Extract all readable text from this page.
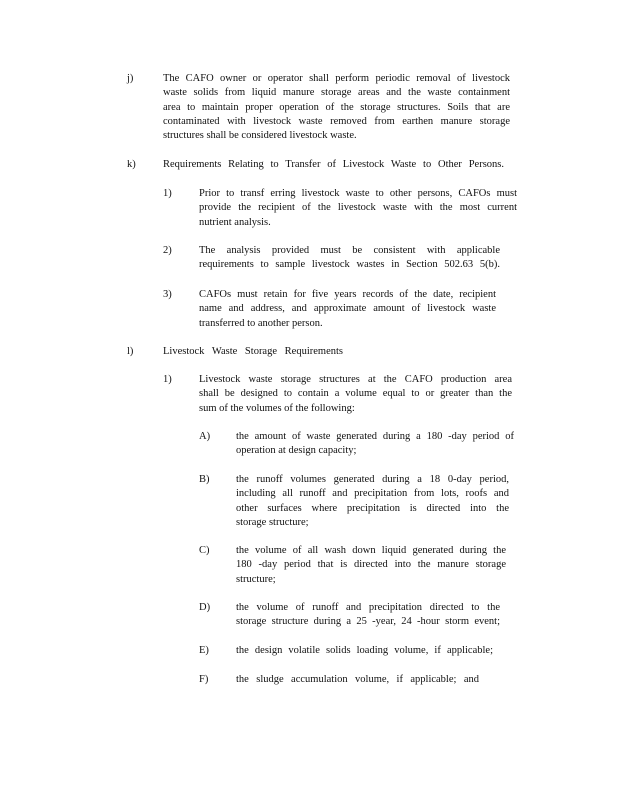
j)	The CAFO owner or operator shall perform periodic removal of livestock
waste solids from liquid manure storage areas and the waste containment
area to maintain proper operation of the storage structures. Soils that are
contaminated with livestock waste removed from earthen manure storage
structures shall be considered livestock waste.
k)	Requirements Relating to Transfer of Livestock Waste to Other Persons.
1)	Prior to transf erring livestock waste to other persons, CAFOs must
provide the recipient of the livestock waste with the most current
nutrient analysis.
2)	The analysis provided must be consistent with applicable
requirements to sample livestock wastes in Section 502.63 5(b).
3)	CAFOs must retain for five years records of the date, recipient
name and address, and approximate amount of livestock waste
transferred to another person.
l)	Livestock Waste Storage Requirements
1)	Livestock waste storage structures at the CAFO production area
shall be designed to contain a volume equal to or greater than the
sum of the volumes of the following:
A) the amount of waste generated during a 180 -day period of
operation at design capacity;
B)	the runoff volumes generated during a 18 0-day period,
including all runoff and precipitation from lots, roofs and
other surfaces where precipitation is directed into the
storage structure;
C)	the volume of all wash down liquid generated during the
180 -day period that is directed into the manure storage
structure;
D) the volume of runoff and precipitation directed to the
storage structure during a 25 -year, 24 -hour storm event;
E)	the design volatile solids loading volume, if applicable;
F)	the sludge accumulation volume, if applicable; and
